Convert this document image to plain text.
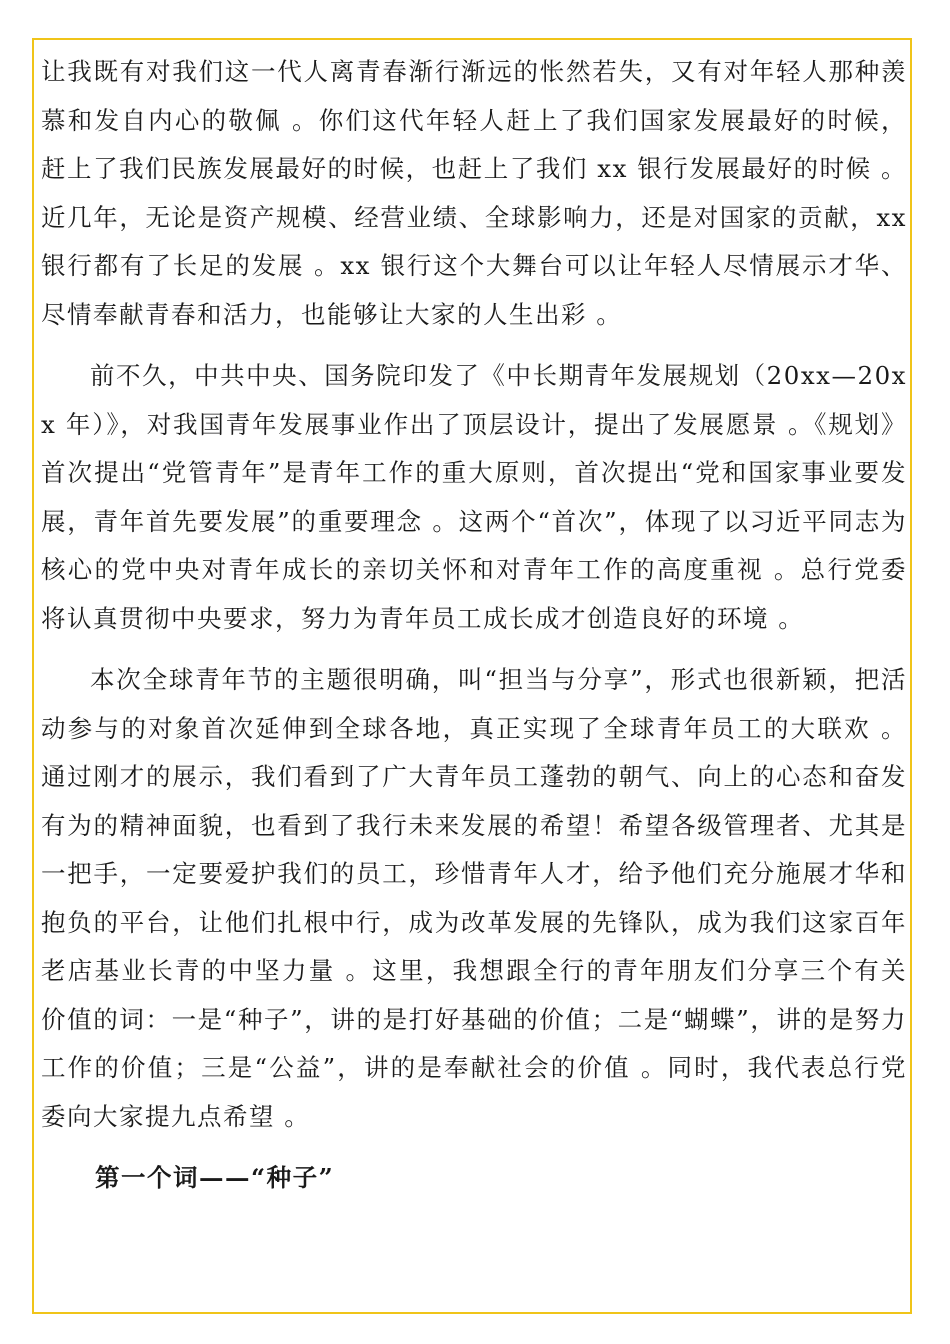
让我既有对我们这一代人离青春渐行渐远的怅然若失，又有对年轻人那种羡慕和发自内心的敬佩 。你们这代年轻人赶上了我们国家发展最好的时候，赶上了我们民族发展最好的时候，也赶上了我们 xx 银行发展最好的时候 。近几年，无论是资产规模、经营业绩、全球影响力，还是对国家的贡献，xx 银行都有了长足的发展 。xx 银行这个大舞台可以让年轻人尽情展示才华、尽情奉献青春和活力，也能够让大家的人生出彩 。

前不久，中共中央、国务院印发了《中长期青年发展规划（20xx—20xx 年）》，对我国青年发展事业作出了顶层设计，提出了发展愿景 。《规划》首次提出“党管青年”是青年工作的重大原则，首次提出“党和国家事业要发展，青年首先要发展”的重要理念 。这两个“首次”，体现了以习近平同志为核心的党中央对青年成长的亲切关怀和对青年工作的高度重视 。总行党委将认真贯彻中央要求，努力为青年员工成长成才创造良好的环境 。

本次全球青年节的主题很明确，叫“担当与分享”，形式也很新颖，把活动参与的对象首次延伸到全球各地，真正实现了全球青年员工的大联欢 。通过刚才的展示，我们看到了广大青年员工蓬勃的朝气、向上的心态和奋发有为的精神面貌，也看到了我行未来发展的希望！希望各级管理者、尤其是一把手，一定要爱护我们的员工，珍惜青年人才，给予他们充分施展才华和抱负的平台，让他们扎根中行，成为改革发展的先锋队，成为我们这家百年老店基业长青的中坚力量 。这里，我想跟全行的青年朋友们分享三个有关价值的词：一是“种子”，讲的是打好基础的价值；二是“蝴蝶”，讲的是努力工作的价值；三是“公益”，讲的是奉献社会的价值 。同时，我代表总行党委向大家提九点希望 。

第一个词——“种子”
